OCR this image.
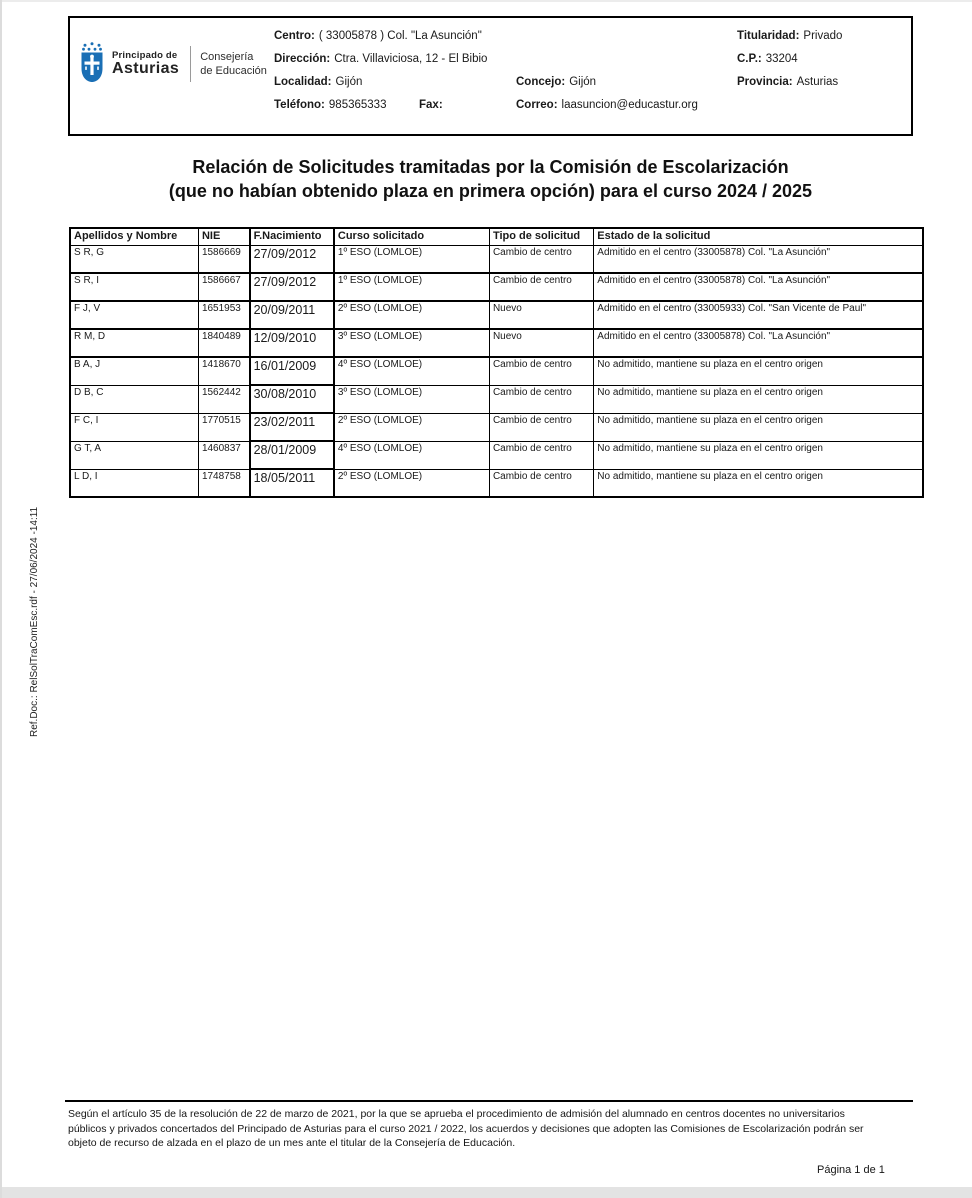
Ref.Doc.: RelSolTraComEsc.rdf - 27/06/2024 -14:11
Principado de
Asturias
Consejería
de Educación
Centro: ( 33005878 ) Col. "La Asunción"
Dirección: Ctra. Villaviciosa, 12 - El Bibio
Localidad: Gijón
Teléfono: 985365333	Fax:
Concejo: Gijón
Correo: laasuncion@educastur.org
Titularidad: Privado
C.P.: 33204
Provincia: Asturias
Relación de Solicitudes tramitadas por la Comisión de Escolarización
(que no habían obtenido plaza en primera opción) para el curso 2024 / 2025
Apellidos y Nombre	NIE	F.Nacimiento	Curso solicitado	Tipo de solicitud	Estado de la solicitud
S R, G	1586669	27/09/2012	1º ESO (LOMLOE)	Cambio de centro	Admitido en el centro (33005878) Col. "La Asunción"
S R, I	1586667	27/09/2012	1º ESO (LOMLOE)	Cambio de centro	Admitido en el centro (33005878) Col. "La Asunción"
F J, V	1651953	20/09/2011	2º ESO (LOMLOE)	Nuevo	Admitido en el centro (33005933) Col. "San Vicente de Paul"
R M, D	1840489	12/09/2010	3º ESO (LOMLOE)	Nuevo	Admitido en el centro (33005878) Col. "La Asunción"
B A, J	1418670	16/01/2009	4º ESO (LOMLOE)	Cambio de centro	No admitido, mantiene su plaza en el centro origen
D B, C	1562442	30/08/2010	3º ESO (LOMLOE)	Cambio de centro	No admitido, mantiene su plaza en el centro origen
F C, I	1770515	23/02/2011	2º ESO (LOMLOE)	Cambio de centro	No admitido, mantiene su plaza en el centro origen
G T, A	1460837	28/01/2009	4º ESO (LOMLOE)	Cambio de centro	No admitido, mantiene su plaza en el centro origen
L D, I	1748758	18/05/2011	2º ESO (LOMLOE)	Cambio de centro	No admitido, mantiene su plaza en el centro origen
Según el artículo 35 de la resolución de 22 de marzo de 2021, por la que se aprueba el procedimiento de admisión del alumnado en centros docentes no universitarios públicos y privados concertados del Principado de Asturias para el curso 2021 / 2022, los acuerdos y decisiones que adopten las Comisiones de Escolarización podrán ser objeto de recurso de alzada en el plazo de un mes ante el titular de la Consejería de Educación.
Página 1 de 1
